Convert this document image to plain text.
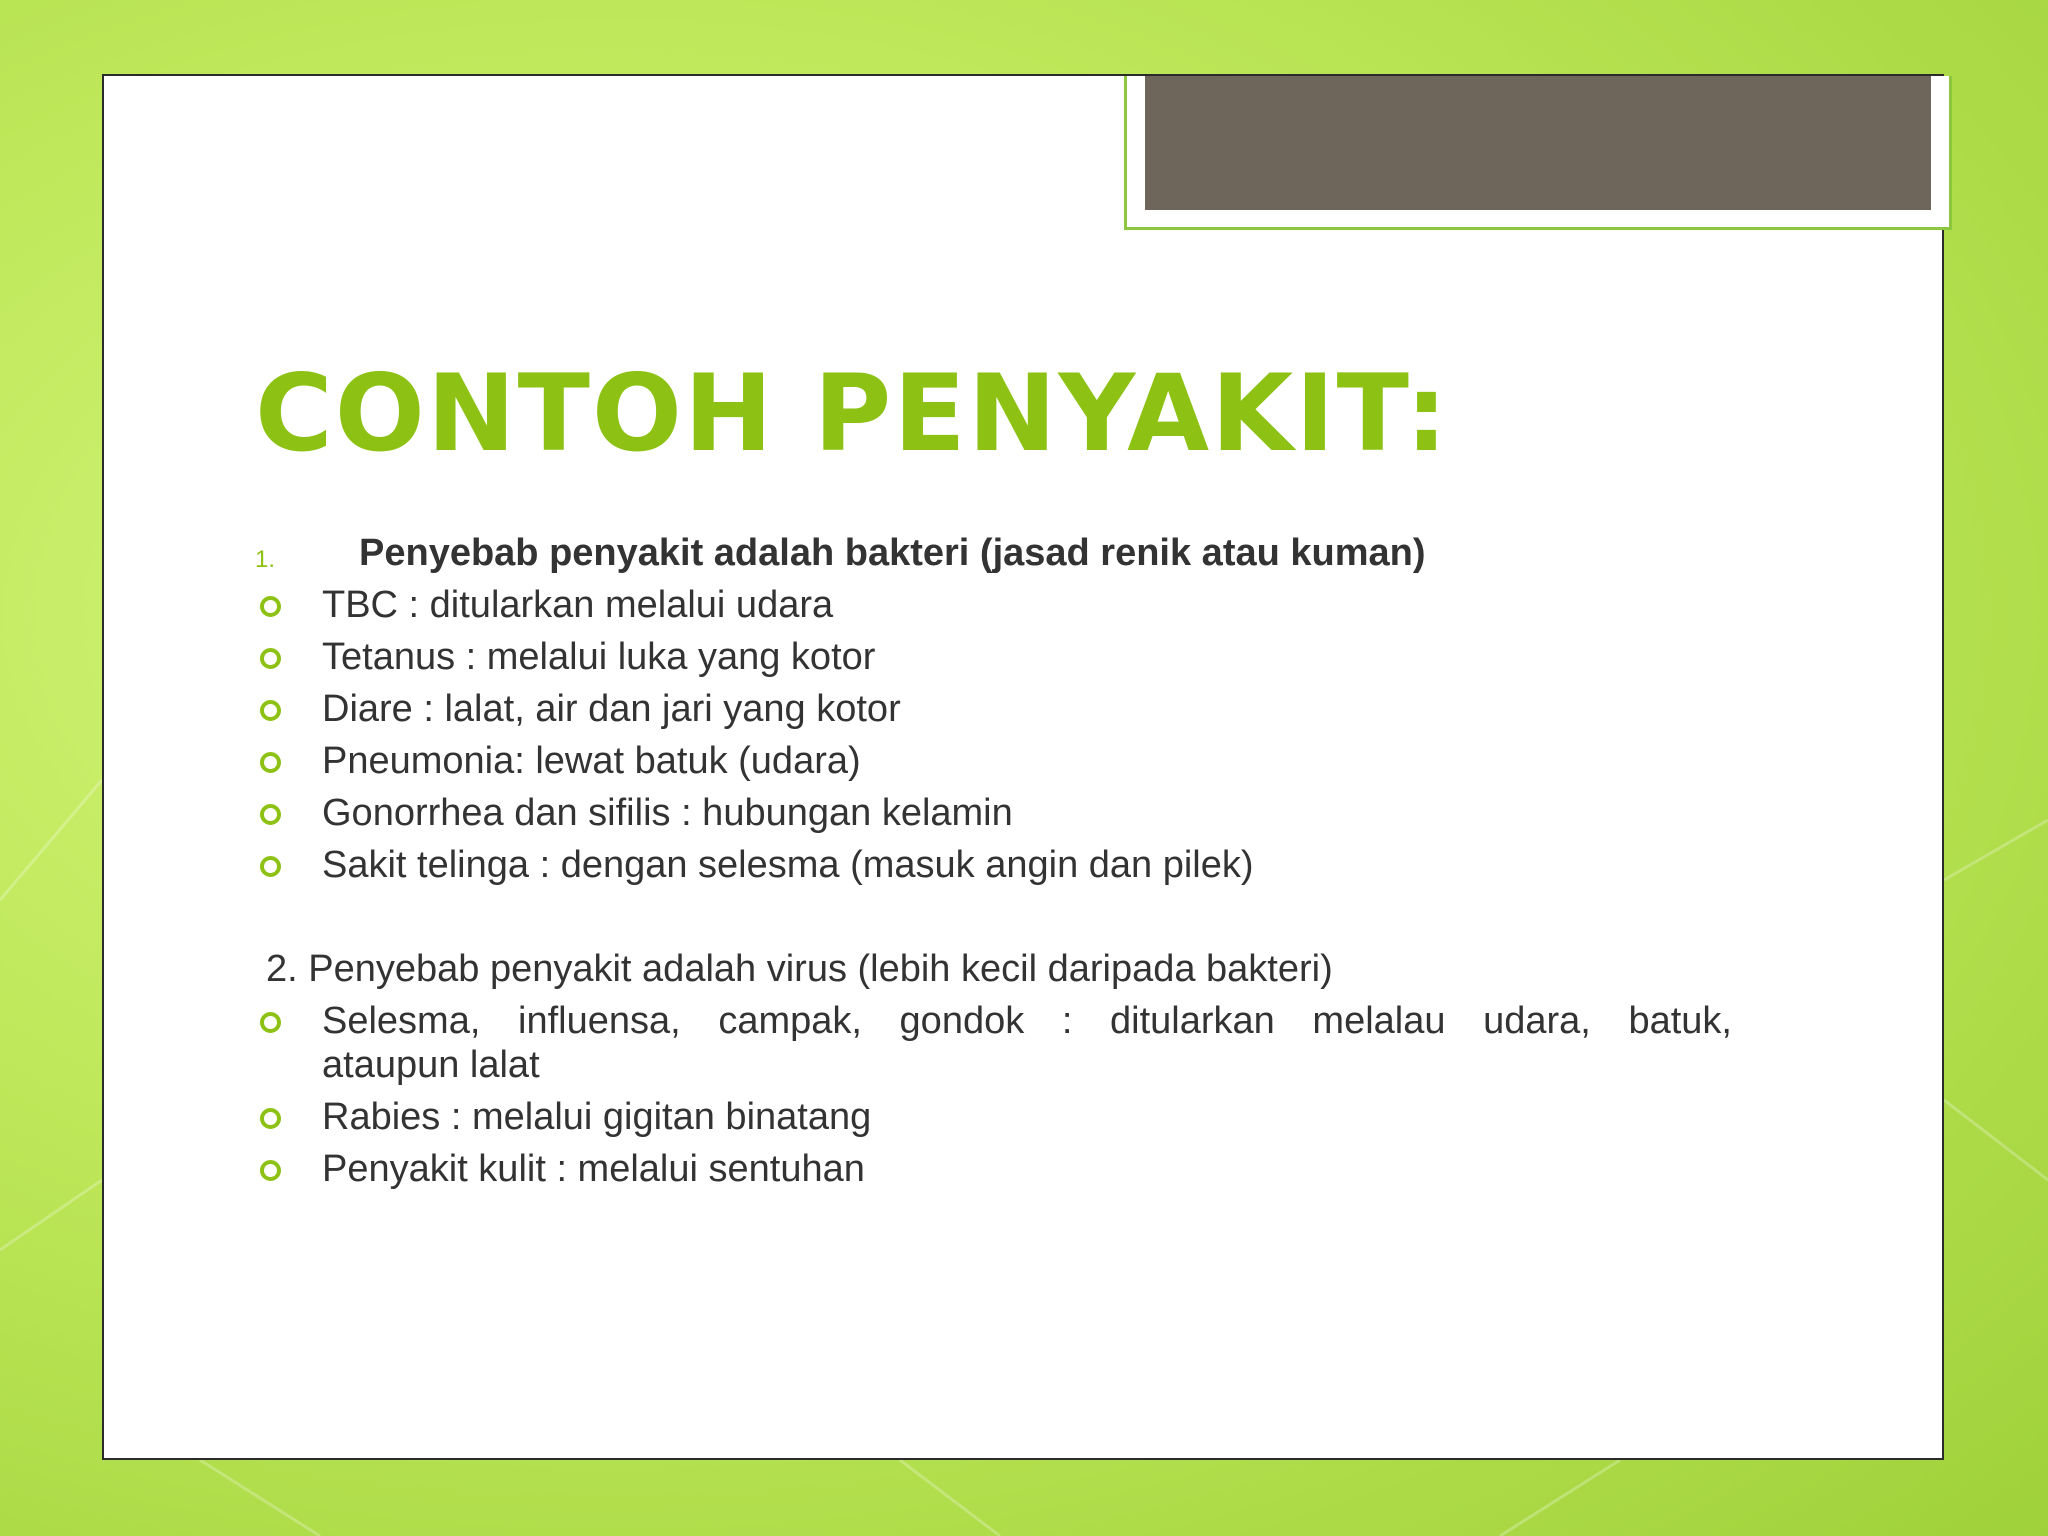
CONTOH PENYAKIT:
1. Penyebab penyakit adalah bakteri (jasad renik atau kuman)
TBC : ditularkan melalui udara
Tetanus : melalui luka yang kotor
Diare : lalat, air dan jari yang kotor
Pneumonia: lewat batuk (udara)
Gonorrhea dan sifilis : hubungan kelamin
Sakit telinga : dengan selesma (masuk angin dan pilek)
2. Penyebab penyakit adalah virus (lebih kecil daripada bakteri)
Selesma, influensa, campak, gondok : ditularkan melalau udara, batuk,
ataupun lalat
Rabies : melalui gigitan binatang
Penyakit kulit : melalui sentuhan
